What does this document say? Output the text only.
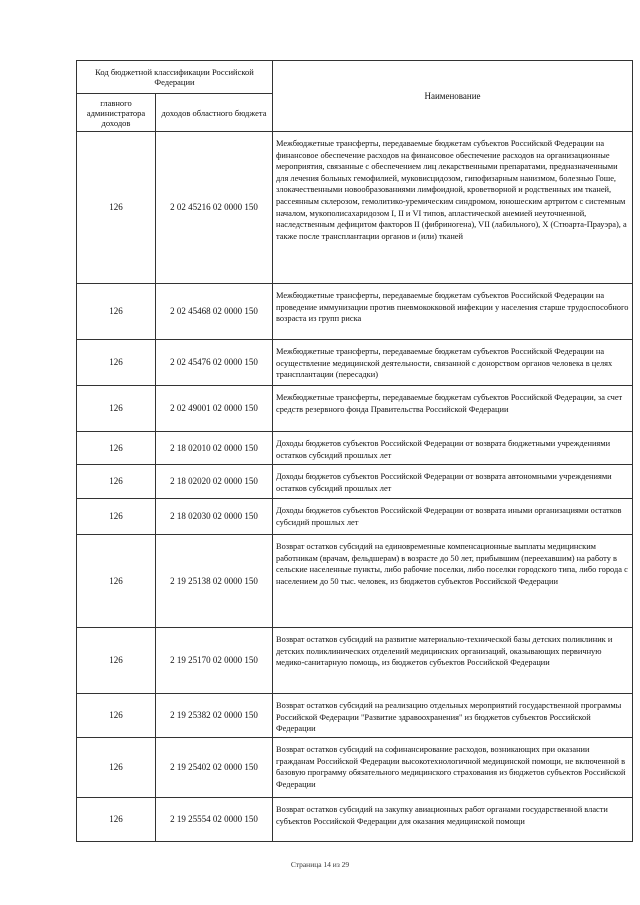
Код бюджетной классификации Российской Федерации		Наименование
главного администратора доходов	доходов областного бюджета	
126	2 02 45216 02 0000 150	Межбюджетные трансферты, передаваемые бюджетам субъектов Российской Федерации на финансовое обеспечение расходов на финансовое обеспечение расходов на организационные мероприятия, связанные с обеспечением лиц лекарственными препаратами, предназначенными для лечения больных гемофилией, муковисцидозом, гипофизарным нанизмом, болезнью Гоше, злокачественными новообразованиями лимфоидной, кроветворной и родственных им тканей, рассеянным склерозом, гемолитико-уремическим синдромом, юношеским артритом с системным началом, мукополисахаридозом I, II и VI типов, апластической анемией неуточненной, наследственным дефицитом факторов II (фибриногена), VII (лабильного), X (Стюарта-Прауэра), а также после трансплантации органов и (или) тканей
126	2 02 45468 02 0000 150	Межбюджетные трансферты, передаваемые бюджетам субъектов Российской Федерации на проведение иммунизации против пневмококковой инфекции у населения старше трудоспособного возраста из групп риска
126	2 02 45476 02 0000 150	Межбюджетные трансферты, передаваемые бюджетам субъектов Российской Федерации на осуществление медицинской деятельности, связанной с донорством органов человека в целях трансплантации (пересадки)
126	2 02 49001 02 0000 150	Межбюджетные трансферты, передаваемые бюджетам субъектов Российской Федерации, за счет средств резервного фонда Правительства Российской Федерации
126	2 18 02010 02 0000 150	Доходы бюджетов субъектов Российской Федерации от возврата бюджетными учреждениями остатков субсидий прошлых лет
126	2 18 02020 02 0000 150	Доходы бюджетов субъектов Российской Федерации от возврата автономными учреждениями остатков субсидий прошлых лет
126	2 18 02030 02 0000 150	Доходы бюджетов субъектов Российской Федерации от возврата иными организациями остатков субсидий прошлых лет
126	2 19 25138 02 0000 150	Возврат остатков субсидий на единовременные компенсационные выплаты медицинским работникам (врачам, фельдшерам) в возрасте до 50 лет, прибывшим (переехавшим) на работу в сельские населенные пункты, либо рабочие поселки, либо поселки городского типа, либо города с населением до 50 тыс. человек, из бюджетов субъектов Российской Федерации
126	2 19 25170 02 0000 150	Возврат остатков субсидий на развитие материально-технической базы детских поликлиник и детских поликлинических отделений медицинских организаций, оказывающих первичную медико-санитарную помощь, из бюджетов субъектов Российской Федерации
126	2 19 25382 02 0000 150	Возврат остатков субсидий на реализацию отдельных мероприятий государственной программы Российской Федерации "Развитие здравоохранения" из бюджетов субъектов Российской Федерации
126	2 19 25402 02 0000 150	Возврат остатков субсидий на софинансирование расходов, возникающих при оказании гражданам Российской Федерации высокотехнологичной медицинской помощи, не включенной в базовую программу обязательного медицинского страхования из бюджетов субъектов Российской Федерации
126	2 19 25554 02 0000 150	Возврат остатков субсидий на закупку авиационных работ органами государственной власти субъектов Российской Федерации для оказания медицинской помощи
Страница 14 из 29
